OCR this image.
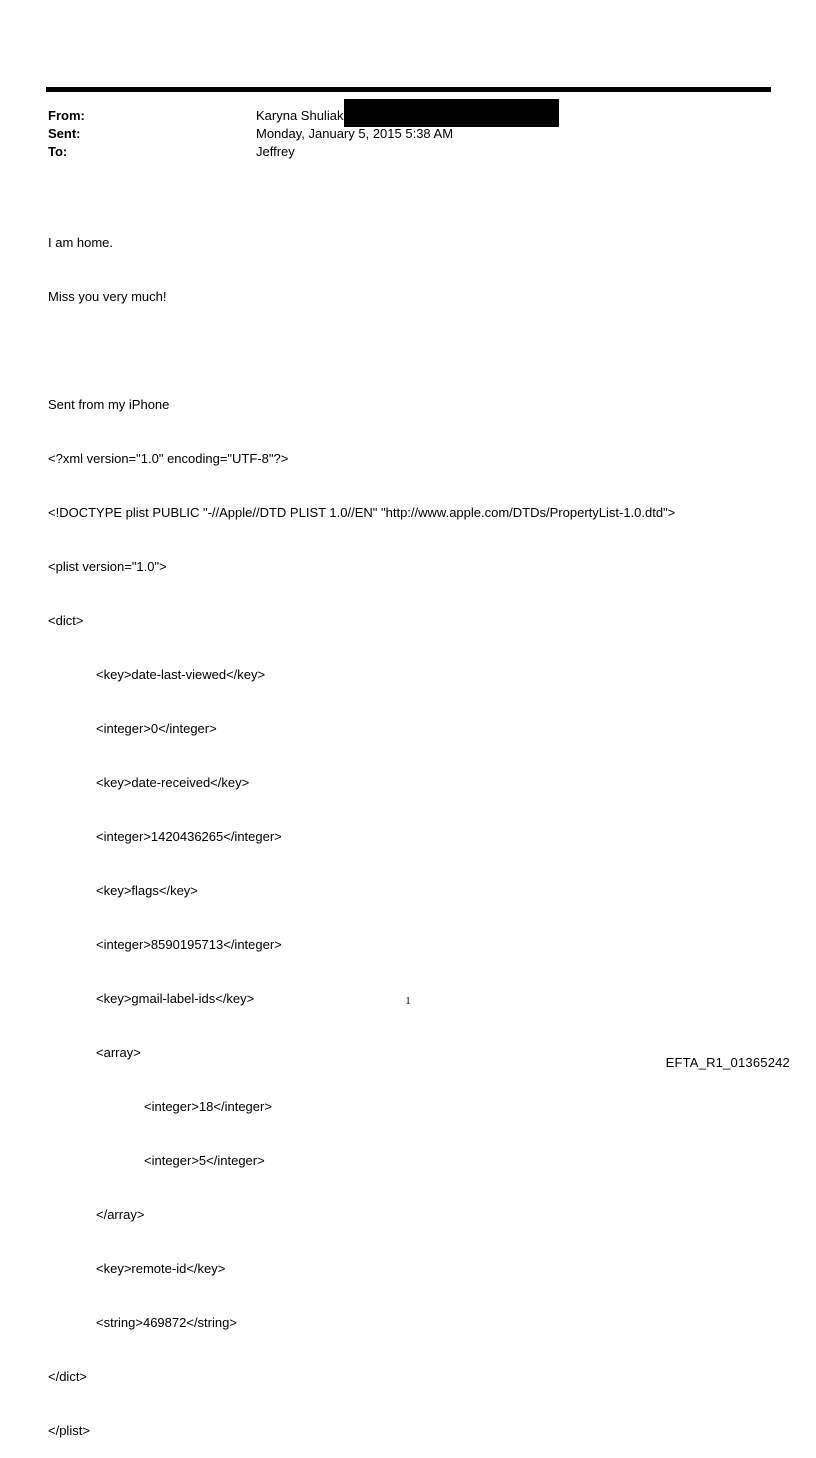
From:	Karyna Shuliak
Sent:	Monday, January 5, 2015 5:38 AM
To:	Jeffrey

I am home.

Miss you very much!

Sent from my iPhone

<?xml version="1.0" encoding="UTF-8"?>

<!DOCTYPE plist PUBLIC "-//Apple//DTD PLIST 1.0//EN" "http://www.apple.com/DTDs/PropertyList-1.0.dtd">

<plist version="1.0">

<dict>

<key>date-last-viewed</key>

<integer>0</integer>

<key>date-received</key>

<integer>1420436265</integer>

<key>flags</key>

<integer>8590195713</integer>

<key>gmail-label-ids</key>

<array>

<integer>18</integer>

<integer>5</integer>

</array>

<key>remote-id</key>

<string>469872</string>

</dict>

</plist>

1
EFTA_R1_01365242
